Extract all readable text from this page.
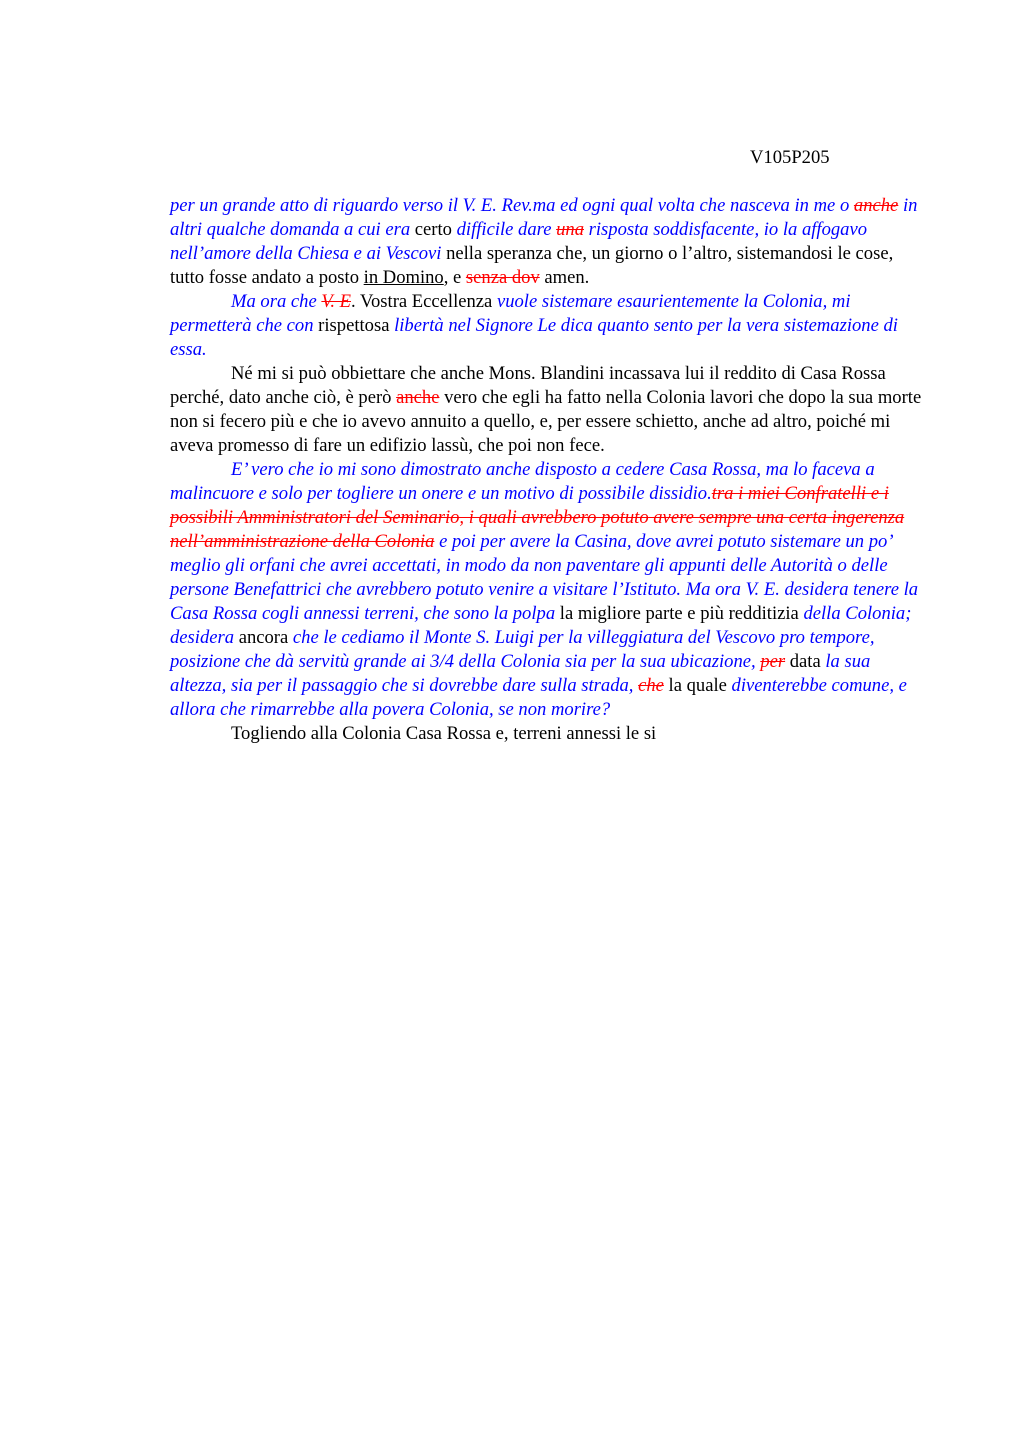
V105P205

per un grande atto di riguardo verso il V. E. Rev.ma ed ogni qual volta che nasceva in me o anche in altri qualche domanda a cui era certo difficile dare una risposta soddisfacente, io la affogavo nell’amore della Chiesa e ai Vescovi nella speranza che, un giorno o l’altro, sistemandosi le cose, tutto fosse andato a posto in Domino, e senza dov amen.

Ma ora che V. E. Vostra Eccellenza vuole sistemare esaurientemente la Colonia, mi permetterà che con rispettosa libertà nel Signore Le dica quanto sento per la vera sistemazione di essa.

Né mi si può obbiettare che anche Mons. Blandini incassava lui il reddito di Casa Rossa perché, dato anche ciò, è però anche vero che egli ha fatto nella Colonia lavori che dopo la sua morte non si fecero più e che io avevo annuito a quello, e, per essere schietto, anche ad altro, poiché mi aveva promesso di fare un edifizio lassù, che poi non fece.

E’ vero che io mi sono dimostrato anche disposto a cedere Casa Rossa, ma lo faceva a malincuore e solo per togliere un onere e un motivo di possibile dissidio.tra i miei Confratelli e i possibili Amministratori del Seminario, i quali avrebbero potuto avere sempre una certa ingerenza nell’amministrazione della Colonia e poi per avere la Casina, dove avrei potuto sistemare un po’ meglio gli orfani che avrei accettati, in modo da non paventare gli appunti delle Autorità o delle persone Benefattrici che avrebbero potuto venire a visitare l’Istituto. Ma ora V. E. desidera tenere la Casa Rossa cogli annessi terreni, che sono la polpa la migliore parte e più redditizia della Colonia; desidera ancora che le cediamo il Monte S. Luigi per la villeggiatura del Vescovo pro tempore, posizione che dà servitù grande ai 3/4 della Colonia sia per la sua ubicazione, per data la sua altezza, sia per il passaggio che si dovrebbe dare sulla strada, che la quale diventerebbe comune, e allora che rimarrebbe alla povera Colonia, se non morire?

Togliendo alla Colonia Casa Rossa e, terreni annessi le si
